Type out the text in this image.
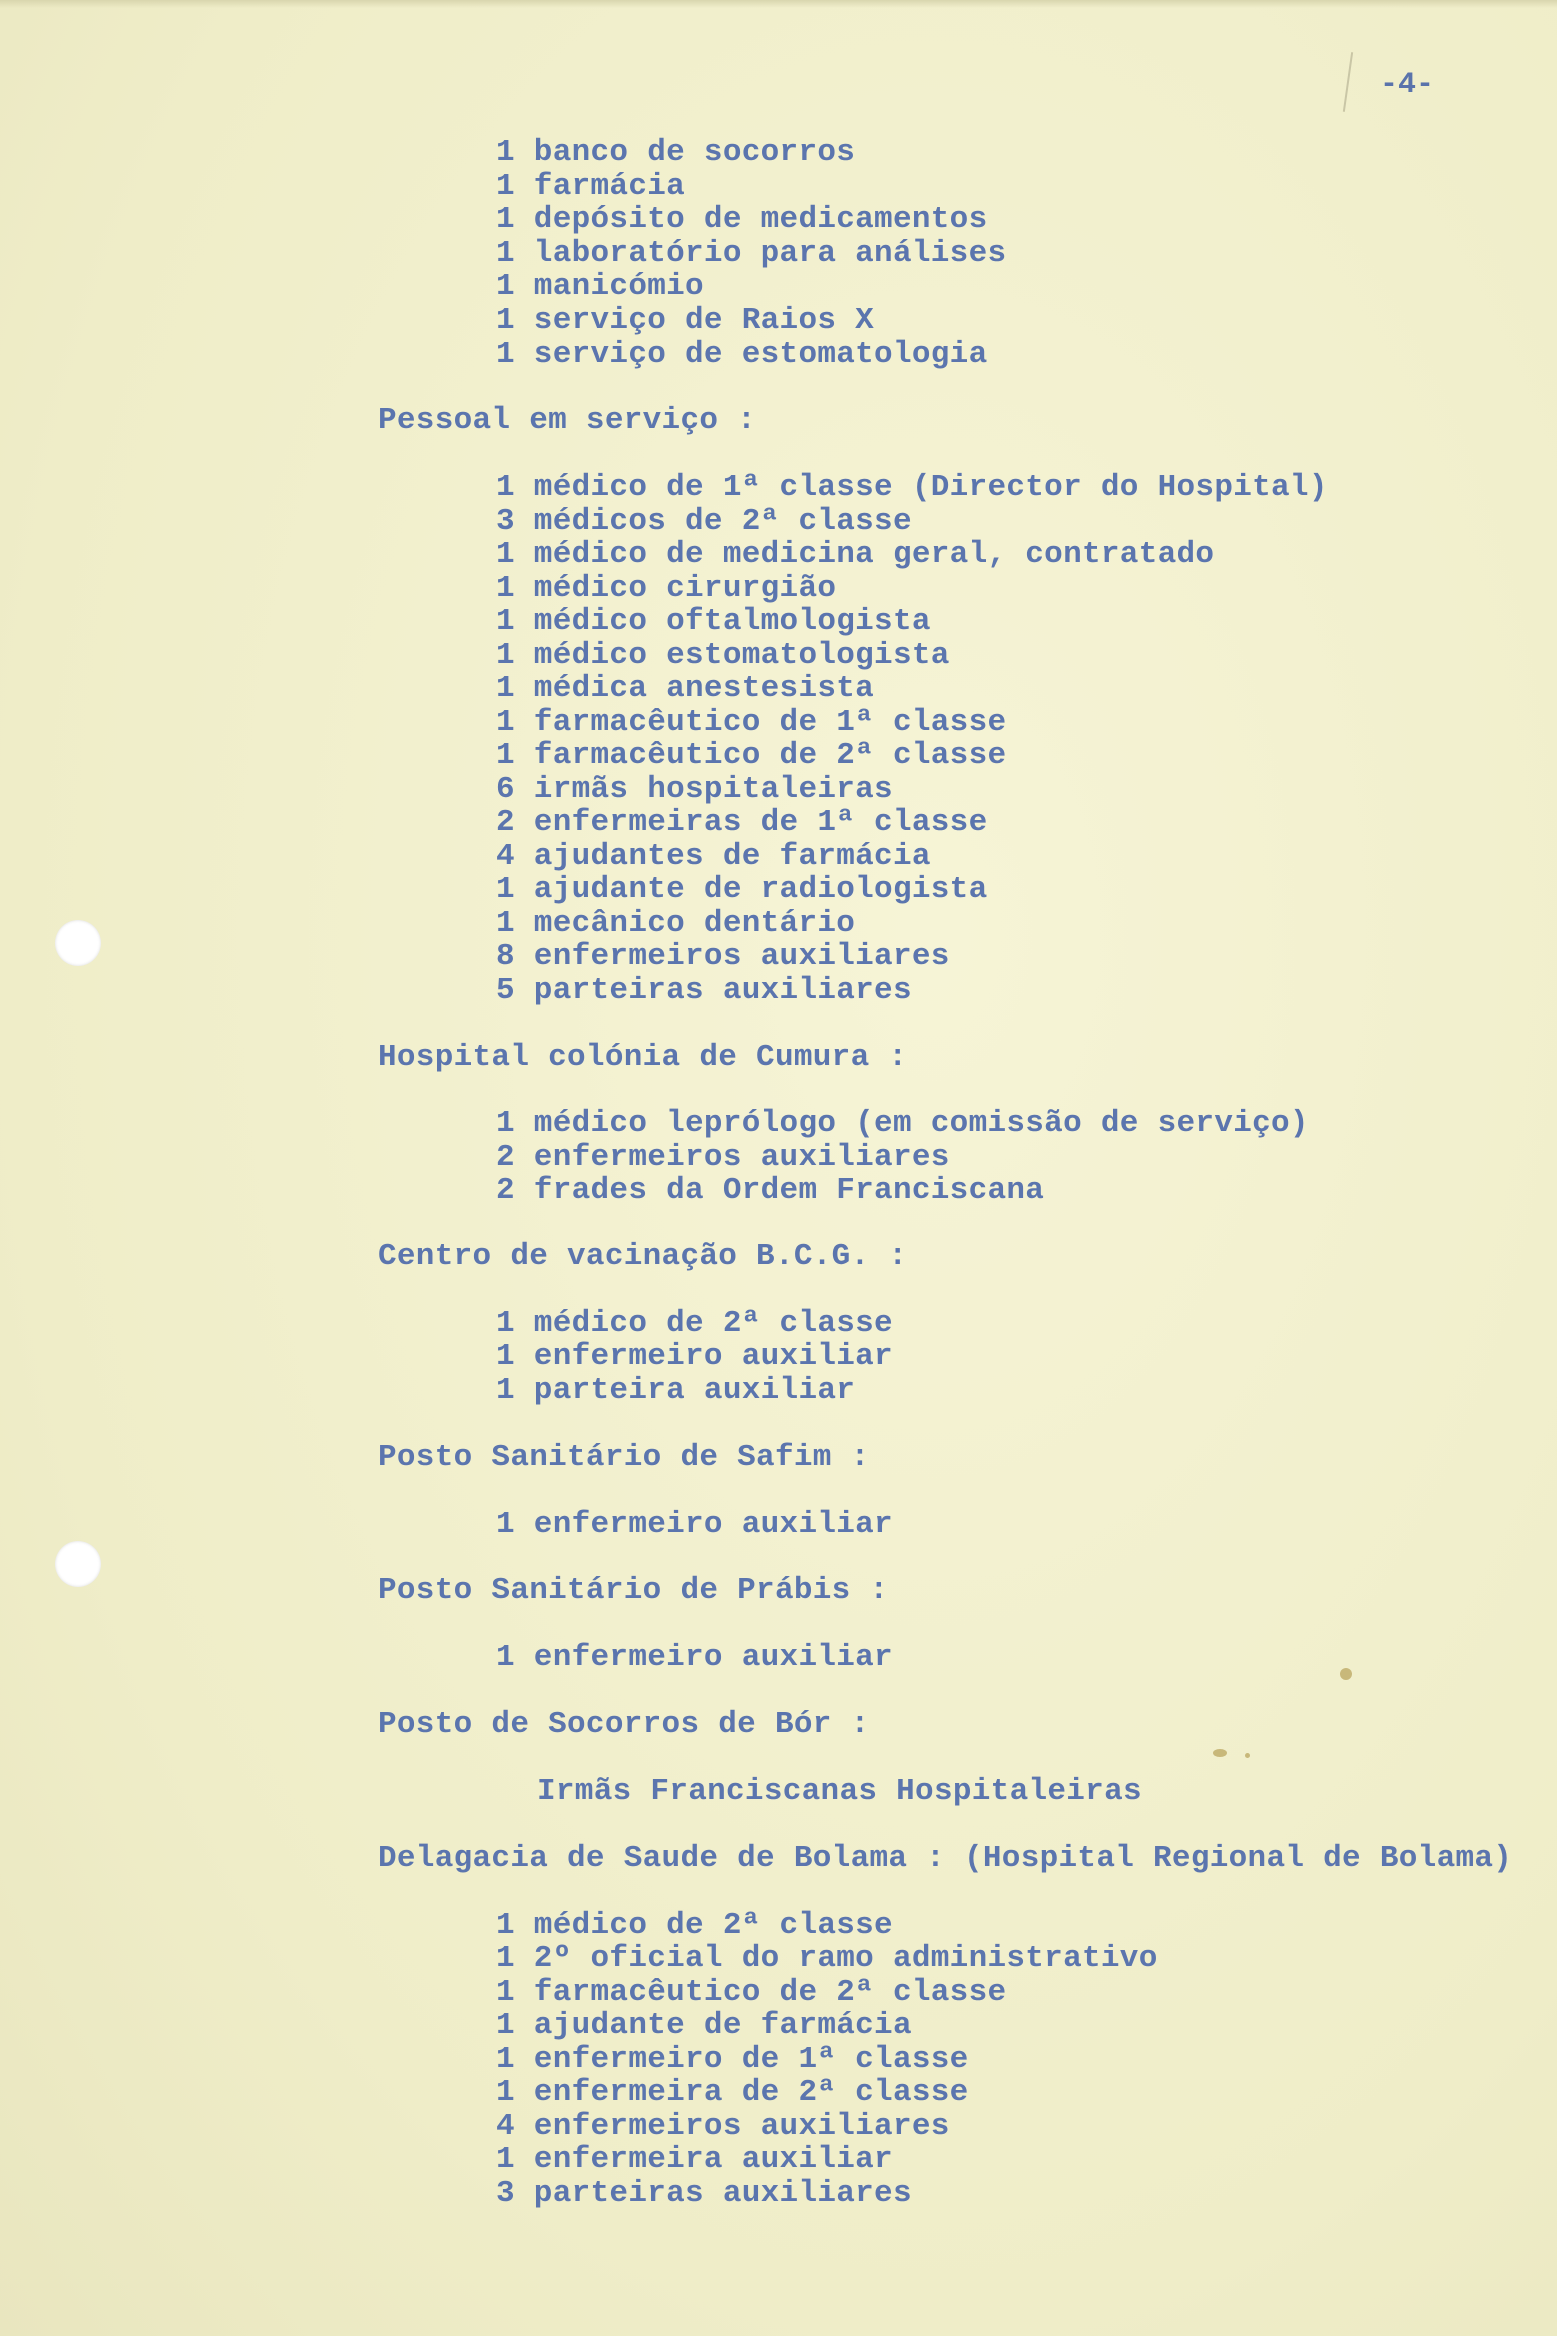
-4-
1 banco de socorros
1 farmácia
1 depósito de medicamentos
1 laboratório para análises
1 manicómio
1 serviço de Raios X
1 serviço de estomatologia
Pessoal em serviço :
1 médico de 1ª classe (Director do Hospital)
3 médicos de 2ª classe
1 médico de medicina geral, contratado
1 médico cirurgião
1 médico oftalmologista
1 médico estomatologista
1 médica anestesista
1 farmacêutico de 1ª classe
1 farmacêutico de 2ª classe
6 irmãs hospitaleiras
2 enfermeiras de 1ª classe
4 ajudantes de farmácia
1 ajudante de radiologista
1 mecânico dentário
8 enfermeiros auxiliares
5 parteiras auxiliares
Hospital colónia de Cumura :
1 médico leprólogo (em comissão de serviço)
2 enfermeiros auxiliares
2 frades da Ordem Franciscana
Centro de vacinação B.C.G. :
1 médico de 2ª classe
1 enfermeiro auxiliar
1 parteira auxiliar
Posto Sanitário de Safim :
1 enfermeiro auxiliar
Posto Sanitário de Prábis :
1 enfermeiro auxiliar
Posto de Socorros de Bór :
Irmãs Franciscanas Hospitaleiras
Delagacia de Saude de Bolama : (Hospital Regional de Bolama)
1 médico de 2ª classe
1 2º oficial do ramo administrativo
1 farmacêutico de 2ª classe
1 ajudante de farmácia
1 enfermeiro de 1ª classe
1 enfermeira de 2ª classe
4 enfermeiros auxiliares
1 enfermeira auxiliar
3 parteiras auxiliares
